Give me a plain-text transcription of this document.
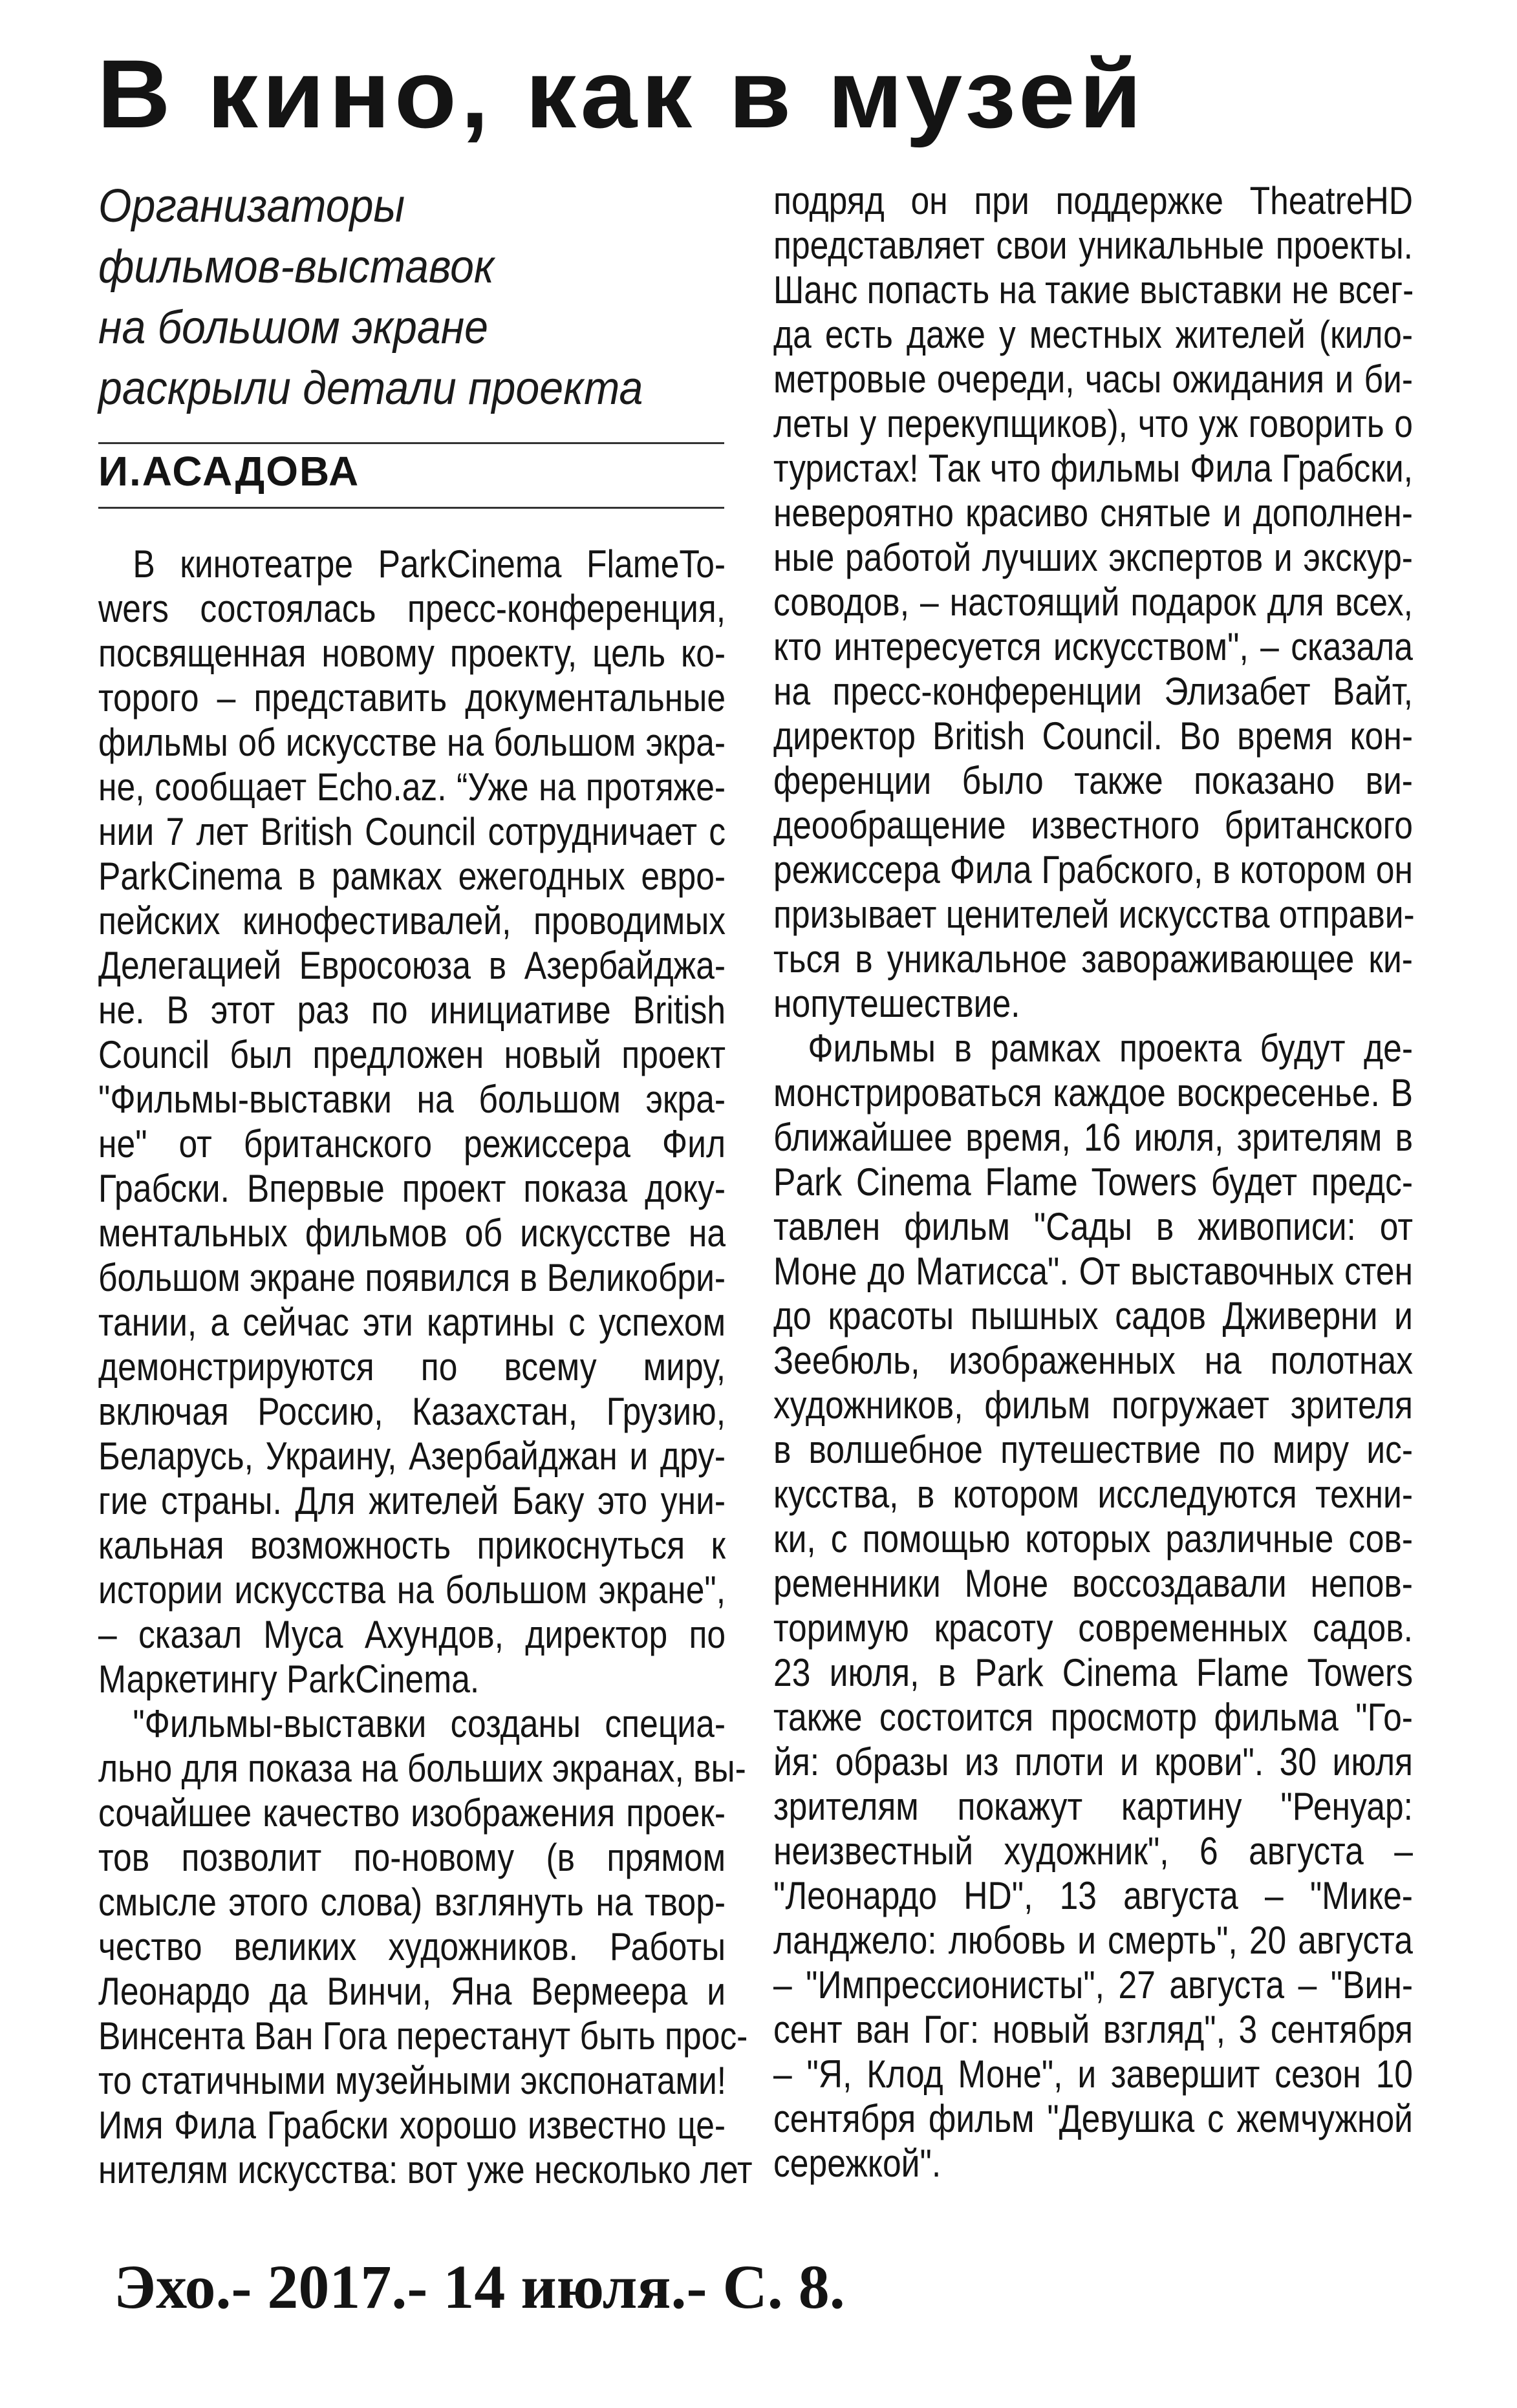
В кино, как в музей
Организаторы
фильмов-выставок
на большом экране
раскрыли детали проекта
И.АСАДОВА
В кинотеатре ParkCinema FlameTo-
wers состоялась пресс-конференция,
посвященная новому проекту, цель ко-
торого – представить документальные
фильмы об искусстве на большом экра-
не, сообщает Echo.az. “Уже на протяже-
нии 7 лет British Council сотрудничает с
ParkCinema в рамках ежегодных евро-
пейских кинофестивалей, проводимых
Делегацией Евросоюза в Азербайджа-
не. В этот раз по инициативе British
Council был предложен новый проект
"Фильмы-выставки на большом экра-
не" от британского режиссера Фил
Грабски. Впервые проект показа доку-
ментальных фильмов об искусстве на
большом экране появился в Великобри-
тании, а сейчас эти картины с успехом
демонстрируются по всему миру,
включая Россию, Казахстан, Грузию,
Беларусь, Украину, Азербайджан и дру-
гие страны. Для жителей Баку это уни-
кальная возможность прикоснуться к
истории искусства на большом экране",
– сказал Муса Ахундов, директор по
Маркетингу ParkCinema.
"Фильмы-выставки созданы специа-
льно для показа на больших экранах, вы-
сочайшее качество изображения проек-
тов позволит по-новому (в прямом
смысле этого слова) взглянуть на твор-
чество великих художников. Работы
Леонардо да Винчи, Яна Вермеера и
Винсента Ван Гога перестанут быть прос-
то статичными музейными экспонатами!
Имя Фила Грабски хорошо известно це-
нителям искусства: вот уже несколько лет
подряд он при поддержке TheatreHD
представляет свои уникальные проекты.
Шанс попасть на такие выставки не всег-
да есть даже у местных жителей (кило-
метровые очереди, часы ожидания и би-
леты у перекупщиков), что уж говорить о
туристах! Так что фильмы Фила Грабски,
невероятно красиво снятые и дополнен-
ные работой лучших экспертов и экскур-
соводов, – настоящий подарок для всех,
кто интересуется искусством", – сказала
на пресс-конференции Элизабет Вайт,
директор British Council. Во время кон-
ференции было также показано ви-
деообращение известного британского
режиссера Фила Грабского, в котором он
призывает ценителей искусства отправи-
ться в уникальное завораживающее ки-
нопутешествие.
Фильмы в рамках проекта будут де-
монстрироваться каждое воскресенье. В
ближайшее время, 16 июля, зрителям в
Park Cinema Flame Towers будет предс-
тавлен фильм "Сады в живописи: от
Моне до Матисса". От выставочных стен
до красоты пышных садов Дживерни и
Зеебюль, изображенных на полотнах
художников, фильм погружает зрителя
в волшебное путешествие по миру ис-
кусства, в котором исследуются техни-
ки, с помощью которых различные сов-
ременники Моне воссоздавали непов-
торимую красоту современных садов.
23 июля, в Park Cinema Flame Towers
также состоится просмотр фильма "Го-
йя: образы из плоти и крови". 30 июля
зрителям покажут картину "Ренуар:
неизвестный художник", 6 августа –
"Леонардо HD", 13 августа – "Мике-
ланджело: любовь и смерть", 20 августа
– "Импрессионисты", 27 августа – "Вин-
сент ван Гог: новый взгляд", 3 сентября
– "Я, Клод Моне", и завершит сезон 10
сентября фильм "Девушка с жемчужной
сережкой".
Эхо.- 2017.- 14 июля.- С. 8.
